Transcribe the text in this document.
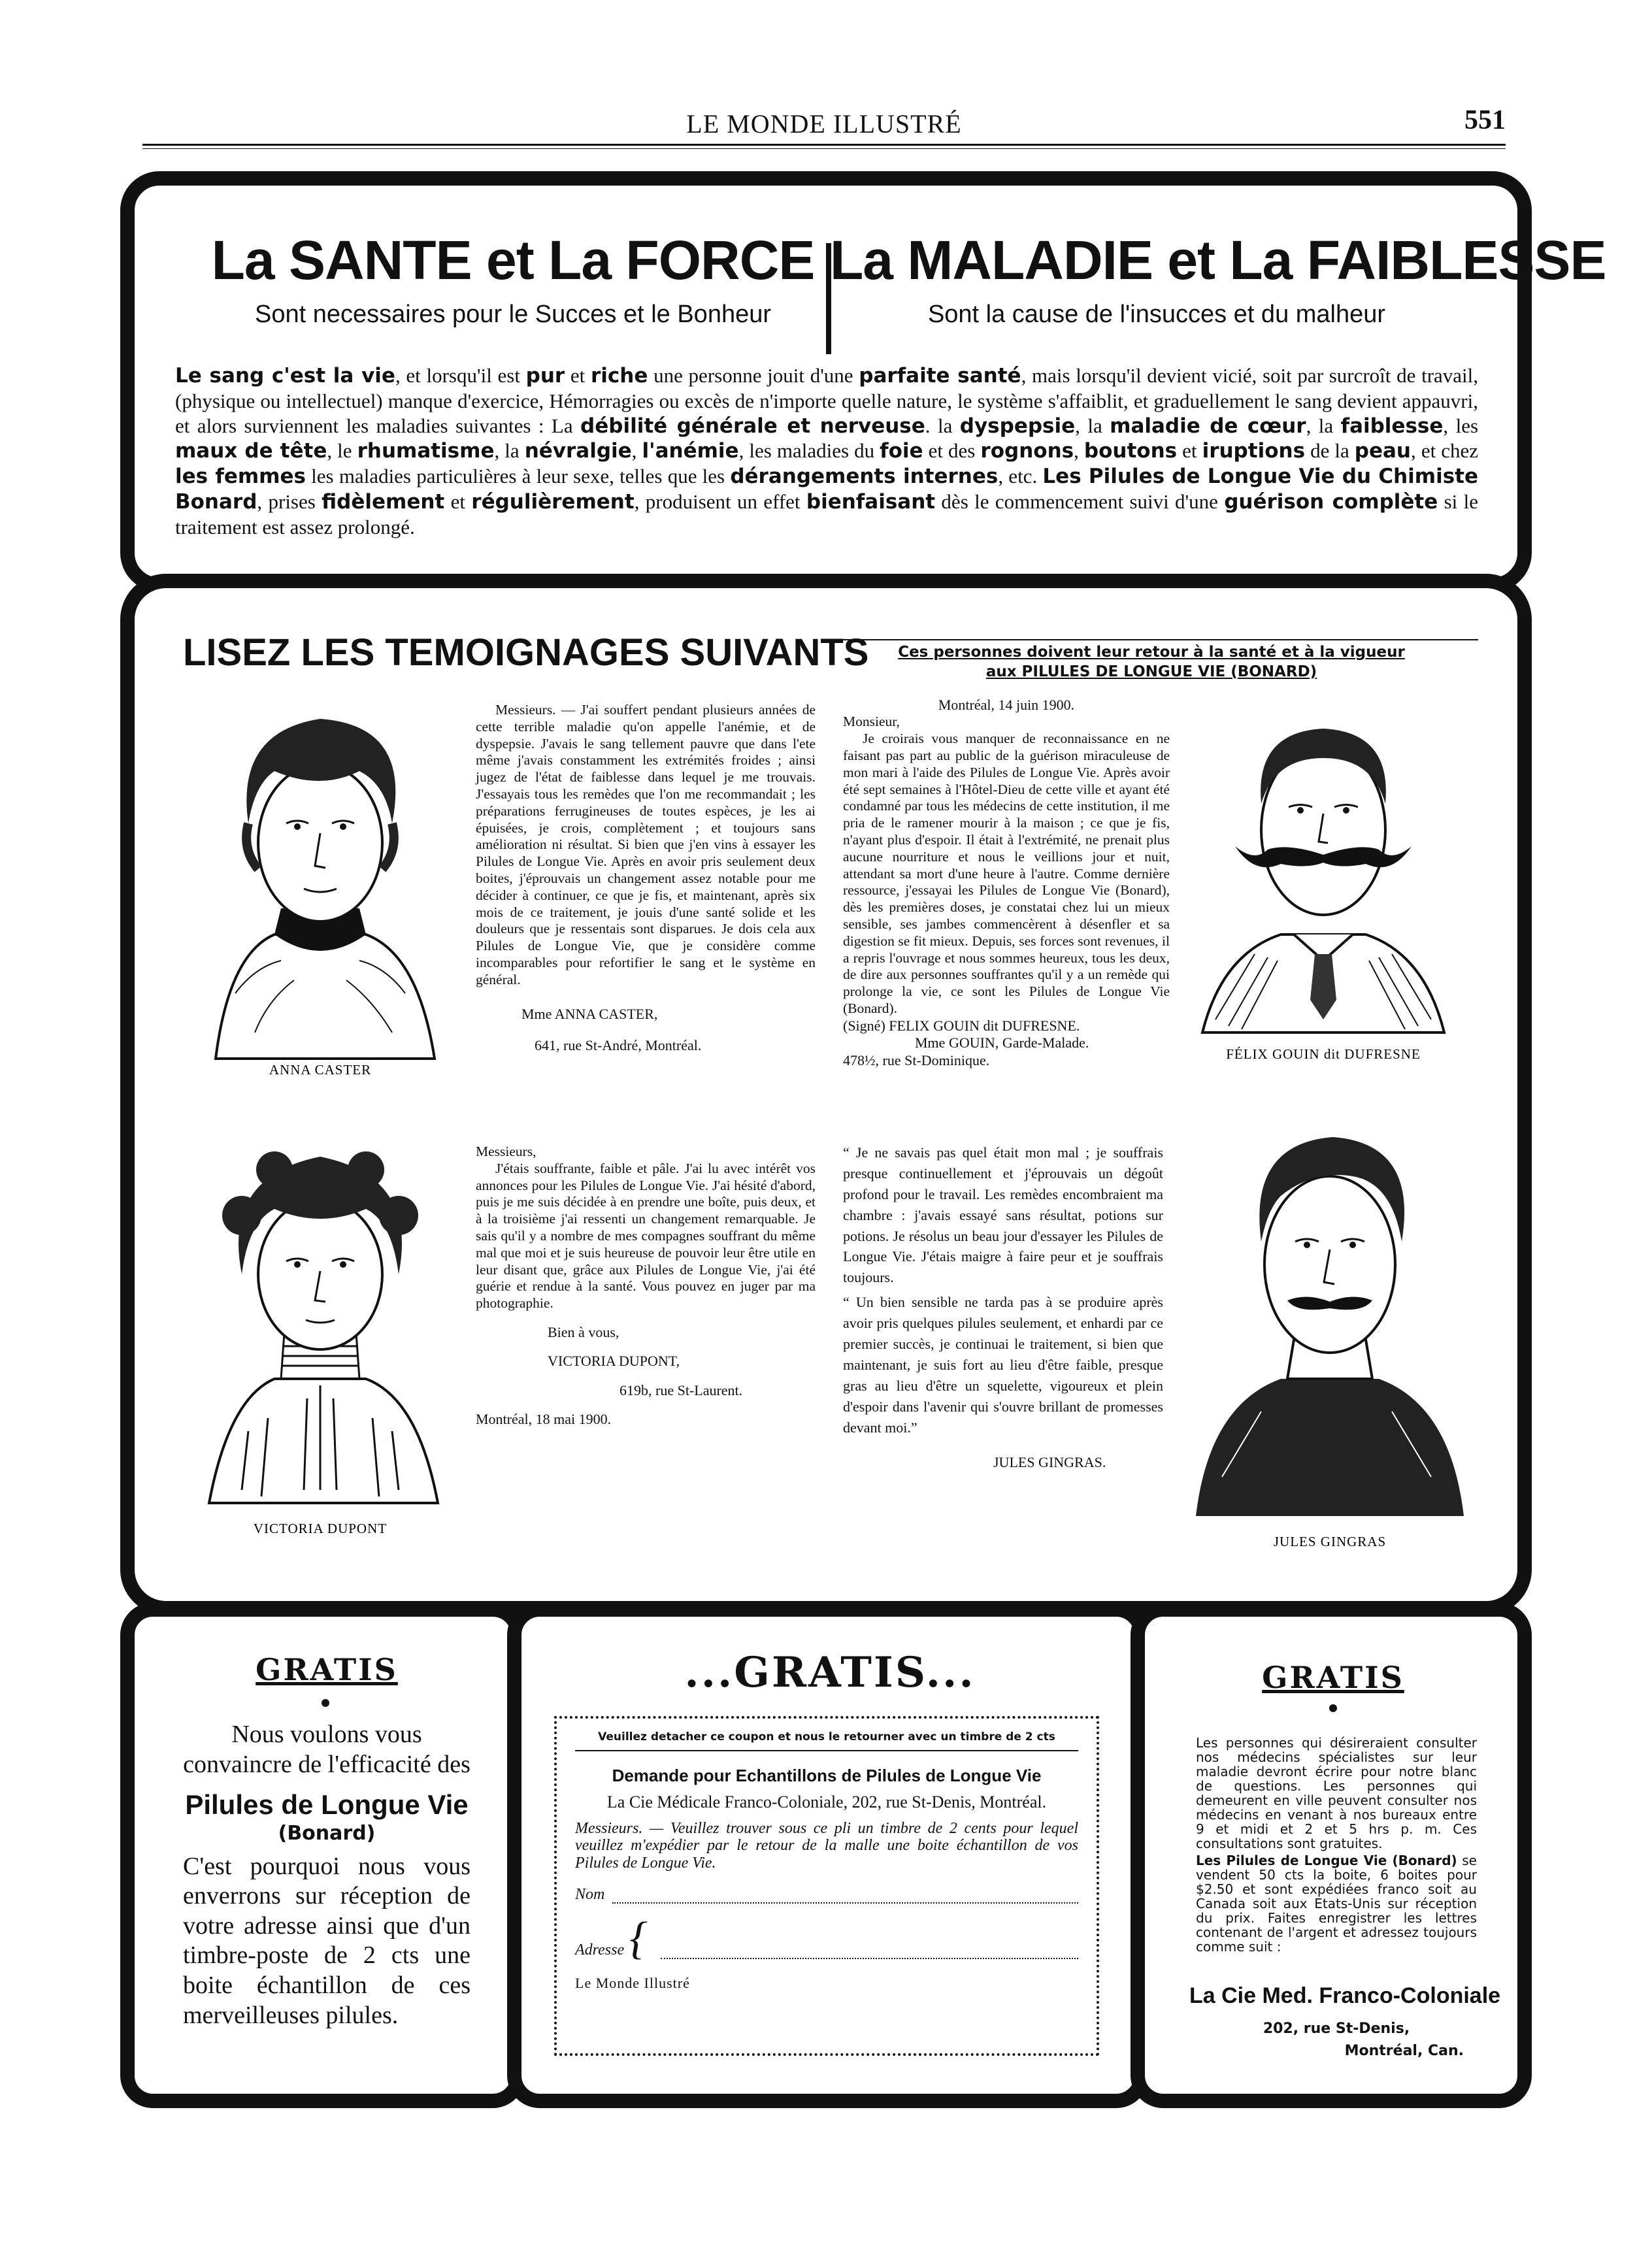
LE MONDE ILLUSTRÉ	551
La SANTE et La FORCE
Sont necessaires pour le Succes et le Bonheur
La MALADIE et La FAIBLESSE
Sont la cause de l'insucces et du malheur
Le sang c'est la vie, et lorsqu'il est pur et riche une personne jouit d'une parfaite santé, mais lorsqu'il devient vicié, soit par surcroît de travail, (physique ou intellectuel) manque d'exercice, Hémorragies ou excès de n'importe quelle nature, le système s'affaiblit, et graduellement le sang devient appauvri, et alors surviennent les maladies suivantes : La débilité générale et nerveuse. la dyspepsie, la maladie de cœur, la faiblesse, les maux de tête, le rhumatisme, la névralgie, l'anémie, les maladies du foie et des rognons, boutons et iruptions de la peau, et chez les femmes les maladies particulières à leur sexe, telles que les dérangements internes, etc. Les Pilules de Longue Vie du Chimiste Bonard, prises fidèlement et régulièrement, produisent un effet bienfaisant dès le commencement suivi d'une guérison complète si le traitement est assez prolongé.
LISEZ LES TEMOIGNAGES SUIVANTS	Ces personnes doivent leur retour à la santé et à la vigueur
aux PILULES DE LONGUE VIE (BONARD)
ANNA CASTER
FÉLIX GOUIN dit DUFRESNE
VICTORIA DUPONT
JULES GINGRAS

Messieurs. — J'ai souffert pendant plusieurs années de cette terrible maladie qu'on appelle l'anémie, et de dyspepsie. J'avais le sang tellement pauvre que dans l'ete même j'avais constamment les extrémités froides ; ainsi jugez de l'état de faiblesse dans lequel je me trouvais. J'essayais tous les remèdes que l'on me recommandait ; les préparations ferrugineuses de toutes espèces, je les ai épuisées, je crois, complètement ; et toujours sans amélioration ni résultat. Si bien que j'en vins à essayer les Pilules de Longue Vie. Après en avoir pris seulement deux boites, j'éprouvais un changement assez notable pour me décider à continuer, ce que je fis, et maintenant, après six mois de ce traitement, je jouis d'une santé solide et les douleurs que je ressentais sont disparues. Je dois cela aux Pilules de Longue Vie, que je considère comme incomparables pour refortifier le sang et le système en général.

Mme ANNA CASTER,
641, rue St-André, Montréal.
Montréal, 14 juin 1900.
Monsieur,

Je croirais vous manquer de reconnaissance en ne faisant pas part au public de la guérison miraculeuse de mon mari à l'aide des Pilules de Longue Vie. Après avoir été sept semaines à l'Hôtel-Dieu de cette ville et ayant été condamné par tous les médecins de cette institution, il me pria de le ramener mourir à la maison ; ce que je fis, n'ayant plus d'espoir. Il était à l'extrémité, ne prenait plus aucune nourriture et nous le veillions jour et nuit, attendant sa mort d'une heure à l'autre. Comme dernière ressource, j'essayai les Pilules de Longue Vie (Bonard), dès les premières doses, je constatai chez lui un mieux sensible, ses jambes commencèrent à désenfler et sa digestion se fit mieux. Depuis, ses forces sont revenues, il a repris l'ouvrage et nous sommes heureux, tous les deux, de dire aux personnes souffrantes qu'il y a un remède qui prolonge la vie, ce sont les Pilules de Longue Vie (Bonard).

(Signé) FELIX GOUIN dit DUFRESNE.
Mme GOUIN, Garde-Malade.
478½, rue St-Dominique.
Messieurs,

J'étais souffrante, faible et pâle. J'ai lu avec intérêt vos annonces pour les Pilules de Longue Vie. J'ai hésité d'abord, puis je me suis décidée à en prendre une boîte, puis deux, et à la troisième j'ai ressenti un changement remarquable. Je sais qu'il y a nombre de mes compagnes souffrant du même mal que moi et je suis heureuse de pouvoir leur être utile en leur disant que, grâce aux Pilules de Longue Vie, j'ai été guérie et rendue à la santé. Vous pouvez en juger par ma photographie.

Bien à vous,
VICTORIA DUPONT,
619b, rue St-Laurent.
Montréal, 18 mai 1900.

“ Je ne savais pas quel était mon mal ; je souffrais presque continuellement et j'éprouvais un dégoût profond pour le travail. Les remèdes encombraient ma chambre : j'avais essayé sans résultat, potions sur potions. Je résolus un beau jour d'essayer les Pilules de Longue Vie. J'étais maigre à faire peur et je souffrais toujours.

“ Un bien sensible ne tarda pas à se produire après avoir pris quelques pilules seulement, et enhardi par ce premier succès, je continuai le traitement, si bien que maintenant, je suis fort au lieu d'être faible, presque gras au lieu d'être un squelette, vigoureux et plein d'espoir dans l'avenir qui s'ouvre brillant de promesses devant moi.”

JULES GINGRAS.
GRATIS
Nous voulons vous convaincre de l'efficacité des
Pilules de Longue Vie
(Bonard)
C'est pourquoi nous vous enverrons sur réception de votre adresse ainsi que d'un timbre-poste de 2 cts une boite échantillon de ces merveilleuses pilules.
...GRATIS...
Veuillez detacher ce coupon et nous le retourner avec un timbre de 2 cts
Demande pour Echantillons de Pilules de Longue Vie
La Cie Médicale Franco-Coloniale, 202, rue St-Denis, Montréal.
Messieurs. — Veuillez trouver sous ce pli un timbre de 2 cents pour lequel veuillez m'expédier par le retour de la malle une boite échantillon de vos Pilules de Longue Vie.
Nom
Adresse {
Le Monde Illustré
GRATIS
Les personnes qui désireraient consulter nos médecins spécialistes sur leur maladie devront écrire pour notre blanc de questions. Les personnes qui demeurent en ville peuvent consulter nos médecins en venant à nos bureaux entre 9 et midi et 2 et 5 hrs p. m. Ces consultations sont gratuites.
Les Pilules de Longue Vie (Bonard) se vendent 50 cts la boite, 6 boites pour $2.50 et sont expédiées franco soit au Canada soit aux Etats-Unis sur réception du prix. Faites enregistrer les lettres contenant de l'argent et adressez toujours comme suit :
La Cie Med. Franco-Coloniale
202, rue St-Denis,
Montréal, Can.
